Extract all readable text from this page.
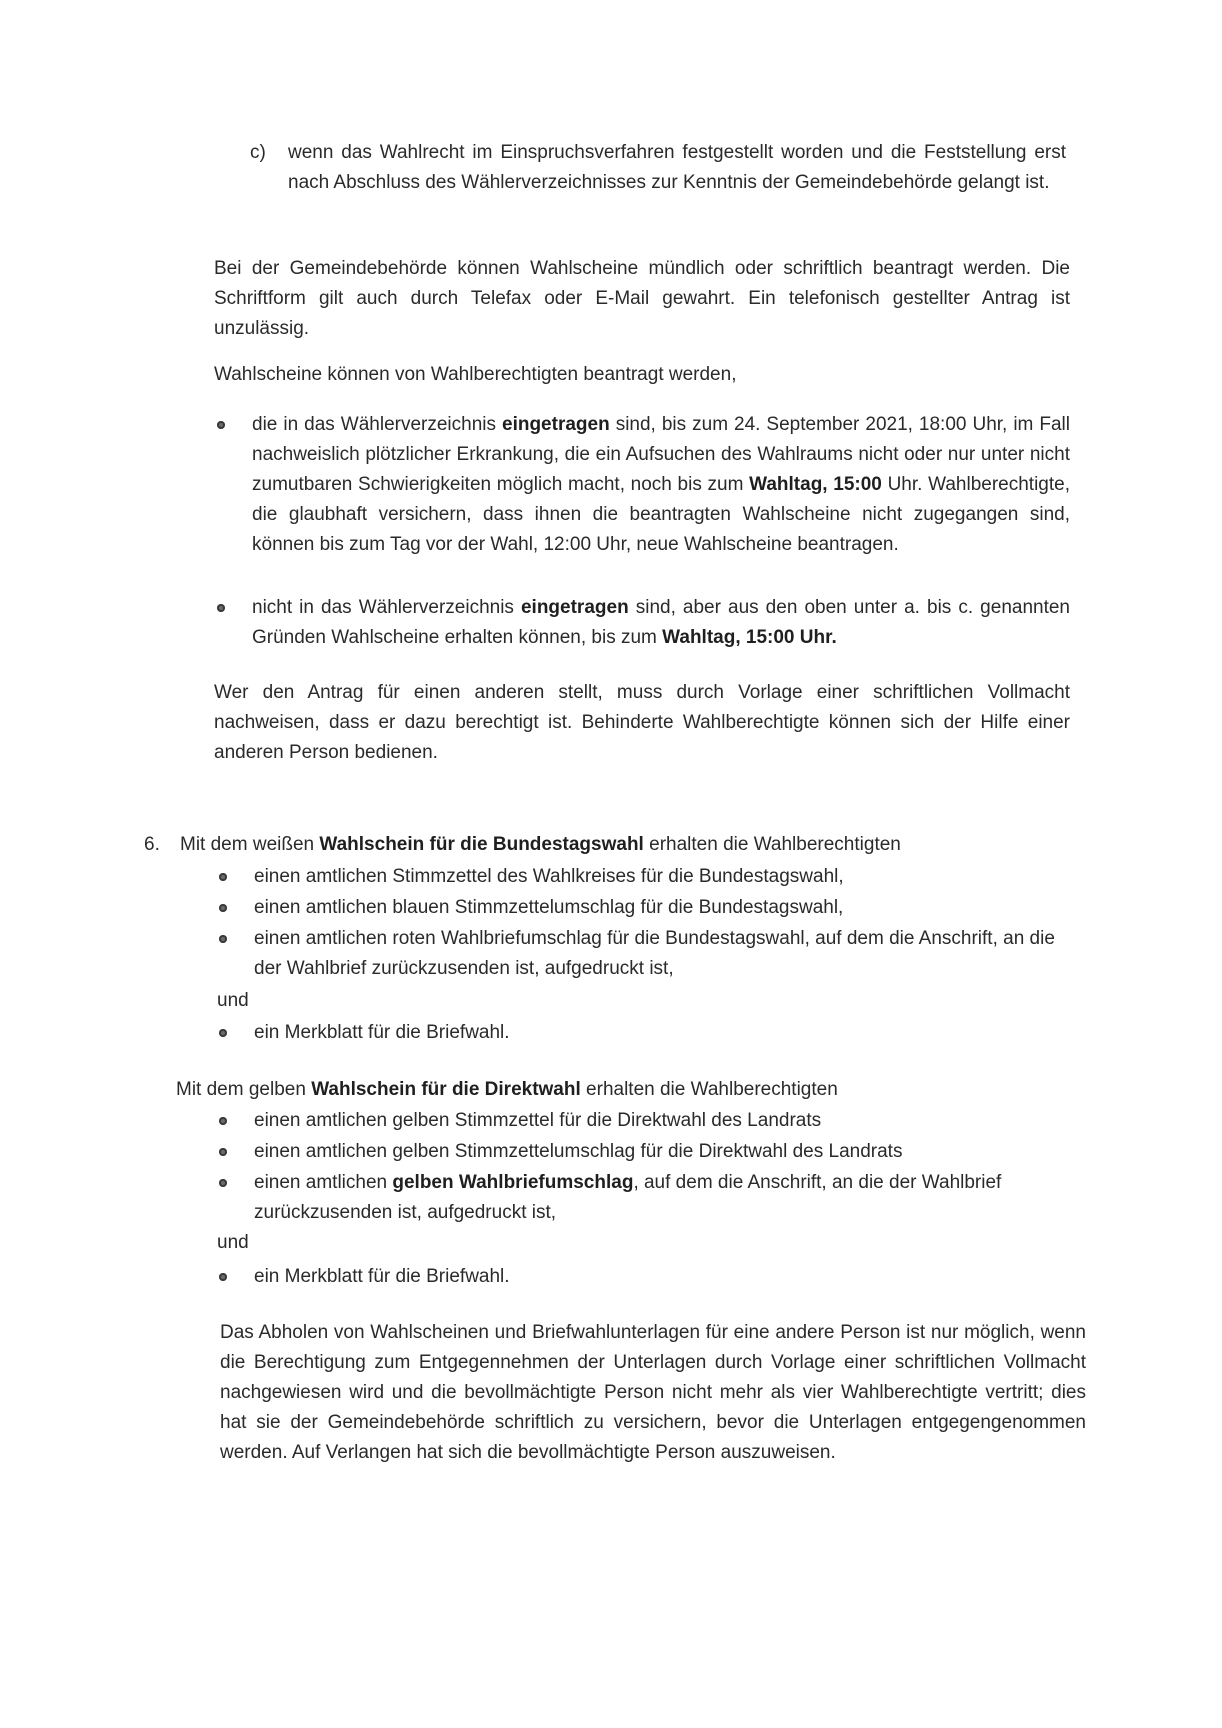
c) wenn das Wahlrecht im Einspruchsverfahren festgestellt worden und die Feststellung erst nach Abschluss des Wählerverzeichnisses zur Kenntnis der Gemeindebehörde gelangt ist.

Bei der Gemeindebehörde können Wahlscheine mündlich oder schriftlich beantragt werden. Die Schriftform gilt auch durch Telefax oder E-Mail gewahrt. Ein telefonisch gestellter Antrag ist unzulässig.

Wahlscheine können von Wahlberechtigten beantragt werden,

die in das Wählerverzeichnis eingetragen sind, bis zum 24. September 2021, 18:00 Uhr, im Fall nachweislich plötzlicher Erkrankung, die ein Aufsuchen des Wahlraums nicht oder nur unter nicht zumutbaren Schwierigkeiten möglich macht, noch bis zum Wahltag, 15:00 Uhr. Wahlberechtigte, die glaubhaft versichern, dass ihnen die beantragten Wahlscheine nicht zugegangen sind, können bis zum Tag vor der Wahl, 12:00 Uhr, neue Wahlscheine beantragen.

nicht in das Wählerverzeichnis eingetragen sind, aber aus den oben unter a. bis c. genannten Gründen Wahlscheine erhalten können, bis zum Wahltag, 15:00 Uhr.

Wer den Antrag für einen anderen stellt, muss durch Vorlage einer schriftlichen Vollmacht nachweisen, dass er dazu berechtigt ist. Behinderte Wahlberechtigte können sich der Hilfe einer anderen Person bedienen.

6. Mit dem weißen Wahlschein für die Bundestagswahl erhalten die Wahlberechtigten

einen amtlichen Stimmzettel des Wahlkreises für die Bundestagswahl,

einen amtlichen blauen Stimmzettelumschlag für die Bundestagswahl,

einen amtlichen roten Wahlbriefumschlag für die Bundestagswahl, auf dem die Anschrift, an die der Wahlbrief zurückzusenden ist, aufgedruckt ist,

und

ein Merkblatt für die Briefwahl.

Mit dem gelben Wahlschein für die Direktwahl erhalten die Wahlberechtigten

einen amtlichen gelben Stimmzettel für die Direktwahl des Landrats

einen amtlichen gelben Stimmzettelumschlag für die Direktwahl des Landrats

einen amtlichen gelben Wahlbriefumschlag, auf dem die Anschrift, an die der Wahlbrief zurückzusenden ist, aufgedruckt ist,

und

ein Merkblatt für die Briefwahl.

Das Abholen von Wahlscheinen und Briefwahlunterlagen für eine andere Person ist nur möglich, wenn die Berechtigung zum Entgegennehmen der Unterlagen durch Vorlage einer schriftlichen Vollmacht nachgewiesen wird und die bevollmächtigte Person nicht mehr als vier Wahlberechtigte vertritt; dies hat sie der Gemeindebehörde schriftlich zu versichern, bevor die Unterlagen entgegengenommen werden. Auf Verlangen hat sich die bevollmächtigte Person auszuweisen.
